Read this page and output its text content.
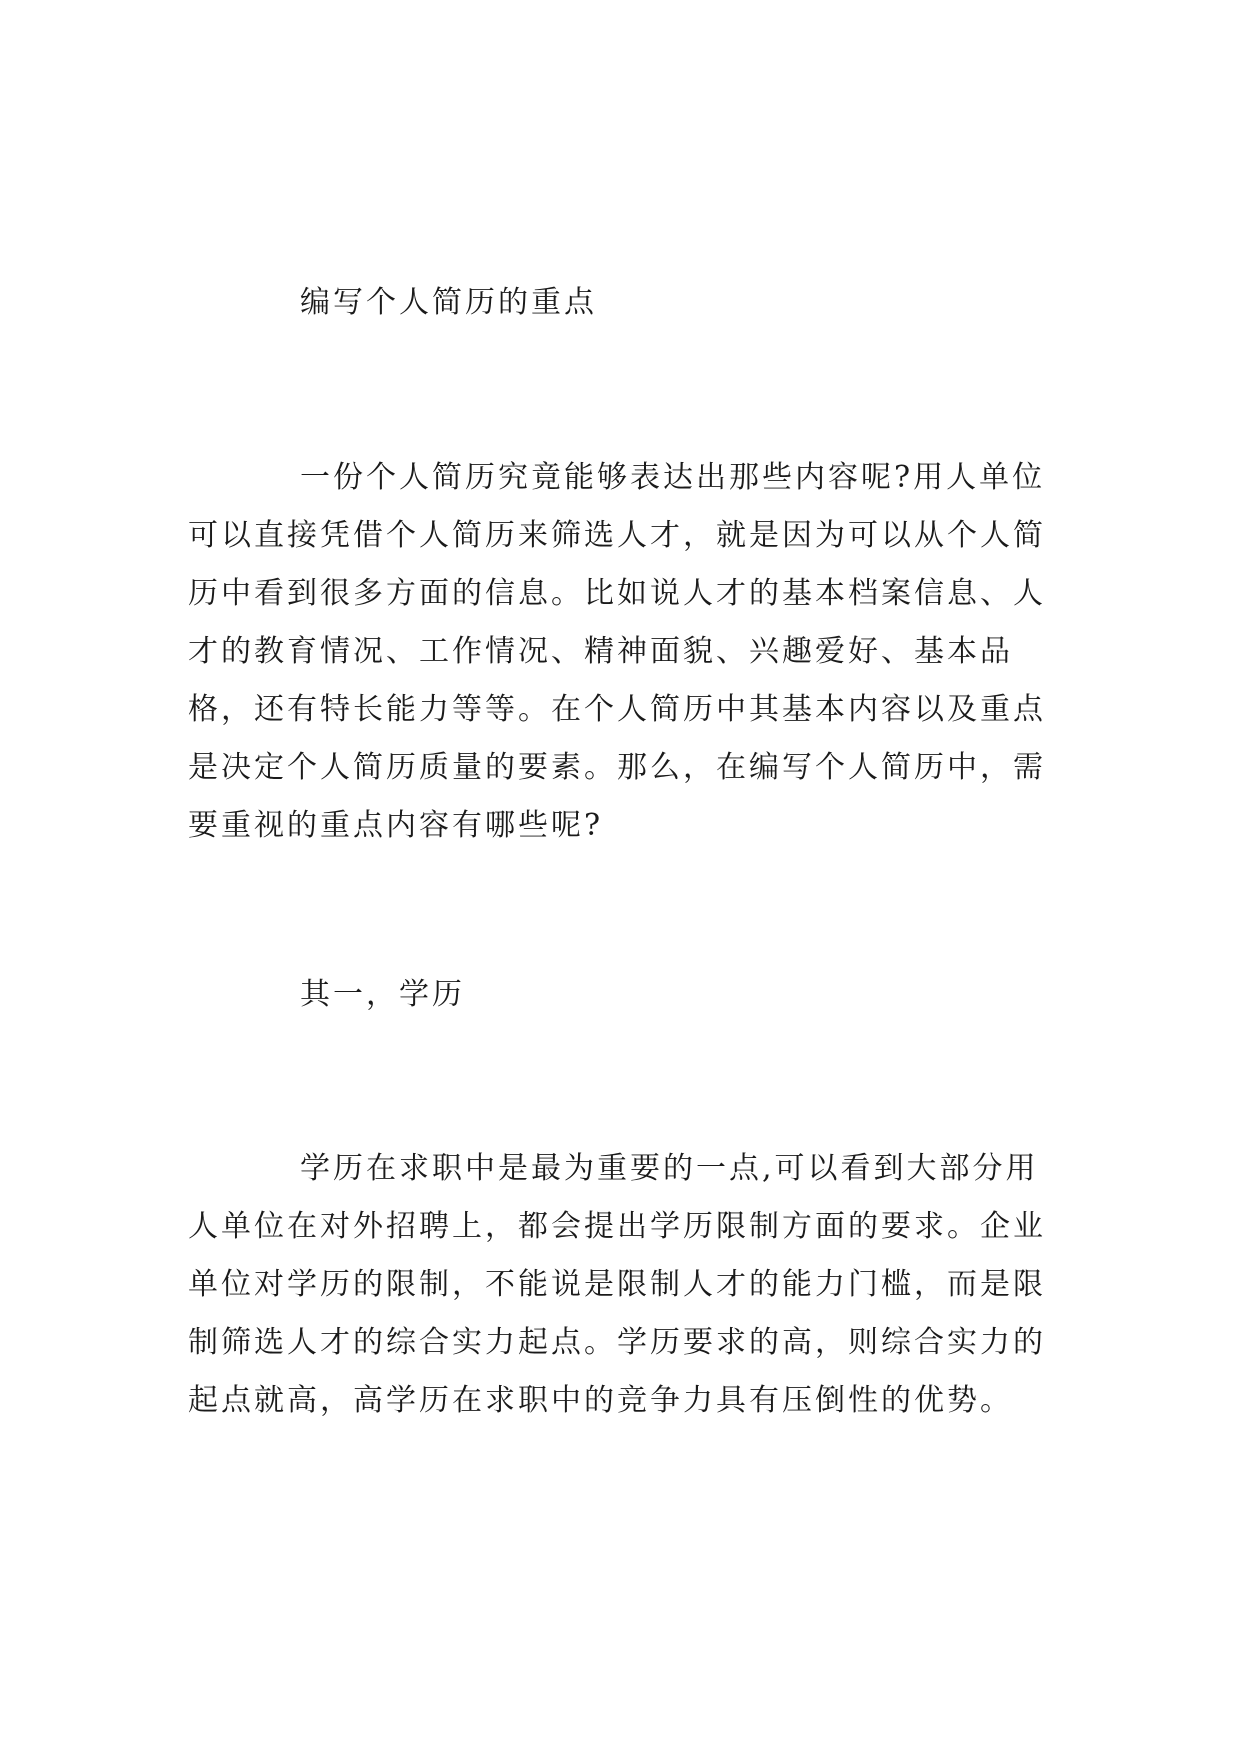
编写个人简历的重点

一份个人简历究竟能够表达出那些内容呢?用人单位可以直接凭借个人简历来筛选人才，就是因为可以从个人简历中看到很多方面的信息。比如说人才的基本档案信息、人才的教育情况、工作情况、精神面貌、兴趣爱好、基本品格，还有特长能力等等。在个人简历中其基本内容以及重点是决定个人简历质量的要素。那么，在编写个人简历中，需要重视的重点内容有哪些呢?

其一，学历

学历在求职中是最为重要的一点,可以看到大部分用人单位在对外招聘上，都会提出学历限制方面的要求。企业单位对学历的限制，不能说是限制人才的能力门槛，而是限制筛选人才的综合实力起点。学历要求的高，则综合实力的起点就高，高学历在求职中的竞争力具有压倒性的优势。
